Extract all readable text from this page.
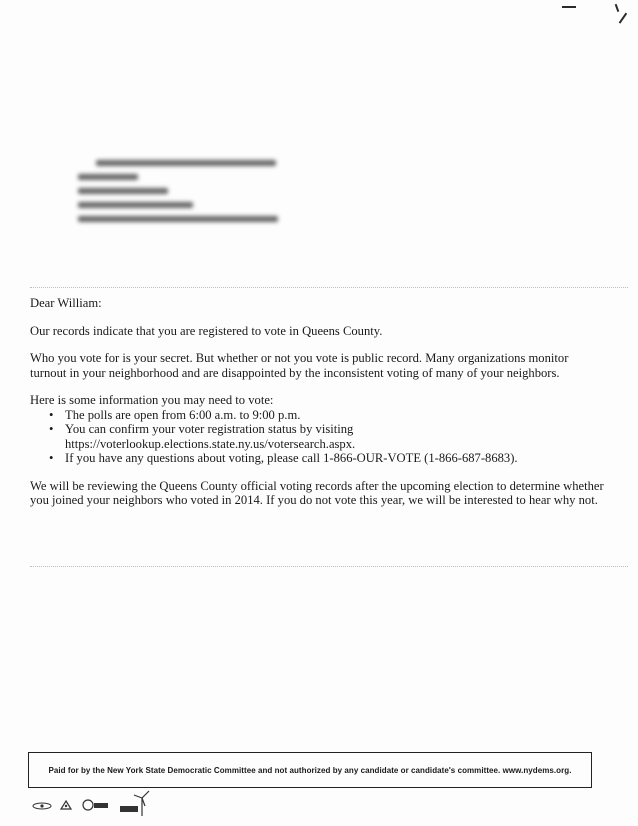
Dear William:

Our records indicate that you are registered to vote in Queens County.

Who you vote for is your secret. But whether or not you vote is public record. Many organizations monitor turnout in your neighborhood and are disappointed by the inconsistent voting of many of your neighbors.

Here is some information you may need to vote:
• The polls are open from 6:00 a.m. to 9:00 p.m.
• You can confirm your voter registration status by visiting https://voterlookup.elections.state.ny.us/votersearch.aspx.
• If you have any questions about voting, please call 1-866-OUR-VOTE (1-866-687-8683).

We will be reviewing the Queens County official voting records after the upcoming election to determine whether you joined your neighbors who voted in 2014. If you do not vote this year, we will be interested to hear why not.

Paid for by the New York State Democratic Committee and not authorized by any candidate or candidate's committee. www.nydems.org.
